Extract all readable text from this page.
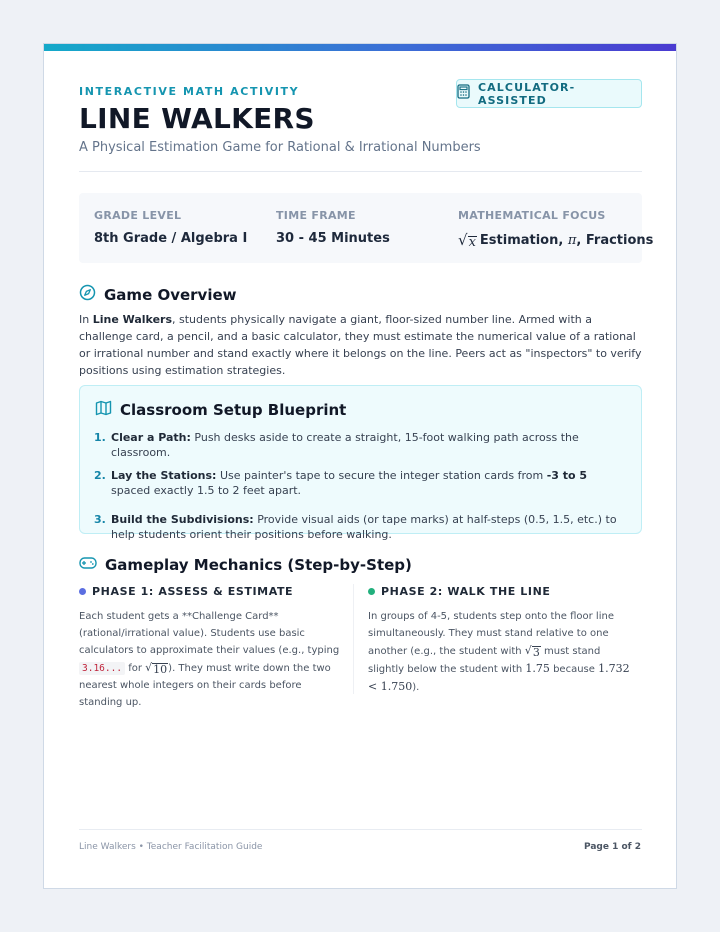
INTERACTIVE MATH ACTIVITY
LINE WALKERS
A Physical Estimation Game for Rational & Irrational Numbers
CALCULATOR-ASSISTED
GRADE LEVEL
8th Grade / Algebra I
TIME FRAME
30 - 45 Minutes
MATHEMATICAL FOCUS
√ x Estimation, π , Fractions
Game Overview
In Line Walkers, students physically navigate a giant, floor-sized number line. Armed with a challenge card, a pencil, and a basic calculator, they must estimate the numerical value of a rational or irrational number and stand exactly where it belongs on the line. Peers act as "inspectors" to verify positions using estimation strategies.
Classroom Setup Blueprint
1. Clear a Path: Push desks aside to create a straight, 15-foot walking path across the classroom.
2. Lay the Stations: Use painter's tape to secure the integer station cards from -3 to 5 spaced exactly 1.5 to 2 feet apart.
3. Build the Subdivisions: Provide visual aids (or tape marks) at half-steps (0.5, 1.5, etc.) to help students orient their positions before walking.
Gameplay Mechanics (Step-by-Step)
PHASE 1: ASSESS & ESTIMATE
Each student gets a **Challenge Card** (rational/irrational value). Students use basic calculators to approximate their values (e.g., typing 3.16... for √ 10 ). They must write down the two nearest whole integers on their cards before standing up.
PHASE 2: WALK THE LINE
In groups of 4-5, students step onto the floor line simultaneously. They must stand relative to one another (e.g., the student with √ 3 must stand slightly below the student with 1.75 because 1.732 < 1.750).
Line Walkers • Teacher Facilitation Guide	Page 1 of 2
